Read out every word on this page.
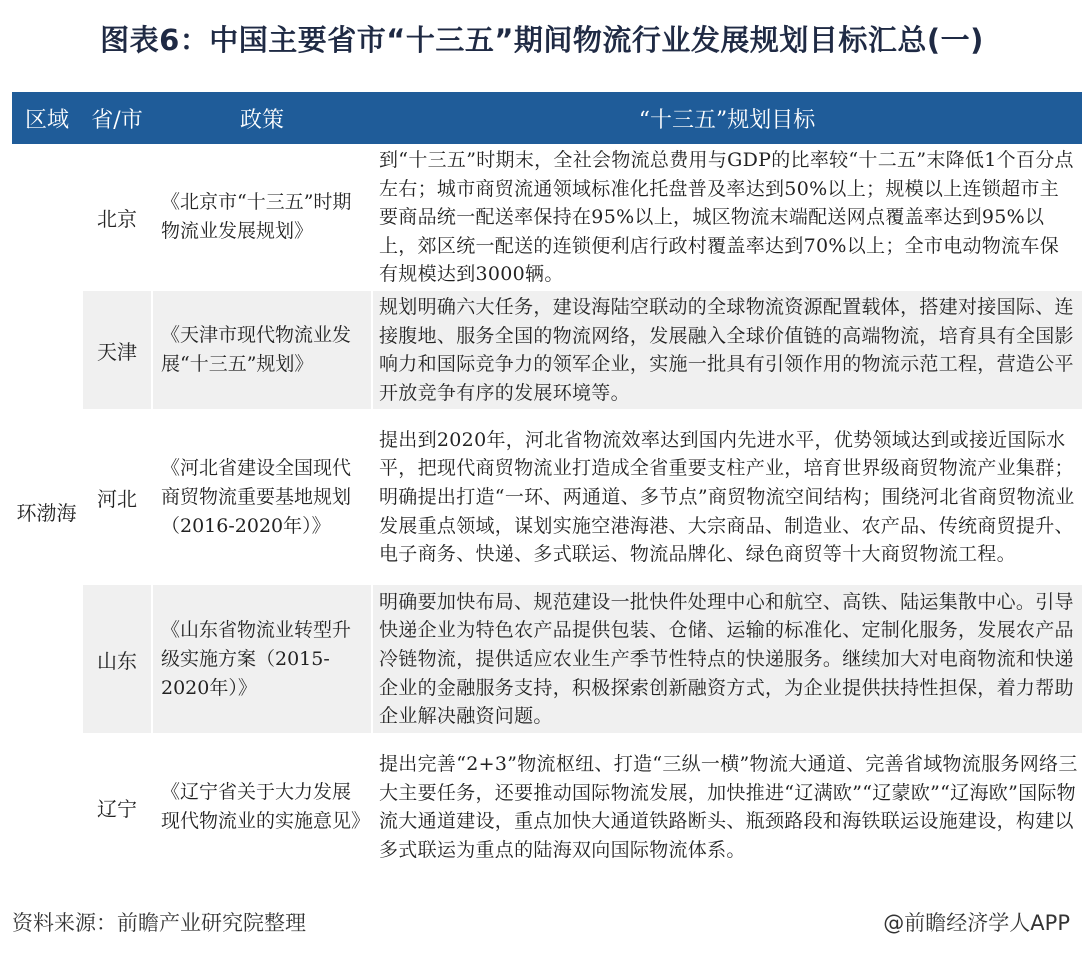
图表6：中国主要省市“十三五”期间物流行业发展规划目标汇总(一)
区域	省/市	政策	“十三五”规划目标
环渤海	北京	《北京市“十三五”时期物流业发展规划》	到“十三五”时期末，全社会物流总费用与GDP的比率较“十二五”末降低1个百分点左右；城市商贸流通领域标准化托盘普及率达到50%以上；规模以上连锁超市主要商品统一配送率保持在95%以上，城区物流末端配送网点覆盖率达到95%以上，郊区统一配送的连锁便利店行政村覆盖率达到70%以上；全市电动物流车保有规模达到3000辆。
	天津	《天津市现代物流业发展“十三五”规划》	规划明确六大任务，建设海陆空联动的全球物流资源配置载体，搭建对接国际、连接腹地、服务全国的物流网络，发展融入全球价值链的高端物流，培育具有全国影响力和国际竞争力的领军企业，实施一批具有引领作用的物流示范工程，营造公平开放竞争有序的发展环境等。
	河北	《河北省建设全国现代商贸物流重要基地规划（2016-2020年）》	提出到2020年，河北省物流效率达到国内先进水平，优势领域达到或接近国际水平，把现代商贸物流业打造成全省重要支柱产业，培育世界级商贸物流产业集群；明确提出打造“一环、两通道、多节点”商贸物流空间结构；围绕河北省商贸物流业发展重点领域，谋划实施空港海港、大宗商品、制造业、农产品、传统商贸提升、电子商务、快递、多式联运、物流品牌化、绿色商贸等十大商贸物流工程。
	山东	《山东省物流业转型升级实施方案（2015-2020年）》	明确要加快布局、规范建设一批快件处理中心和航空、高铁、陆运集散中心。引导快递企业为特色农产品提供包装、仓储、运输的标准化、定制化服务，发展农产品冷链物流，提供适应农业生产季节性特点的快递服务。继续加大对电商物流和快递企业的金融服务支持，积极探索创新融资方式，为企业提供扶持性担保，着力帮助企业解决融资问题。
	辽宁	《辽宁省关于大力发展现代物流业的实施意见》	提出完善“2+3”物流枢纽、打造“三纵一横”物流大通道、完善省域物流服务网络三大主要任务，还要推动国际物流发展，加快推进“辽满欧”“辽蒙欧”“辽海欧”国际物流大通道建设，重点加快大通道铁路断头、瓶颈路段和海铁联运设施建设，构建以多式联运为重点的陆海双向国际物流体系。
资料来源：前瞻产业研究院整理	@前瞻经济学人APP
